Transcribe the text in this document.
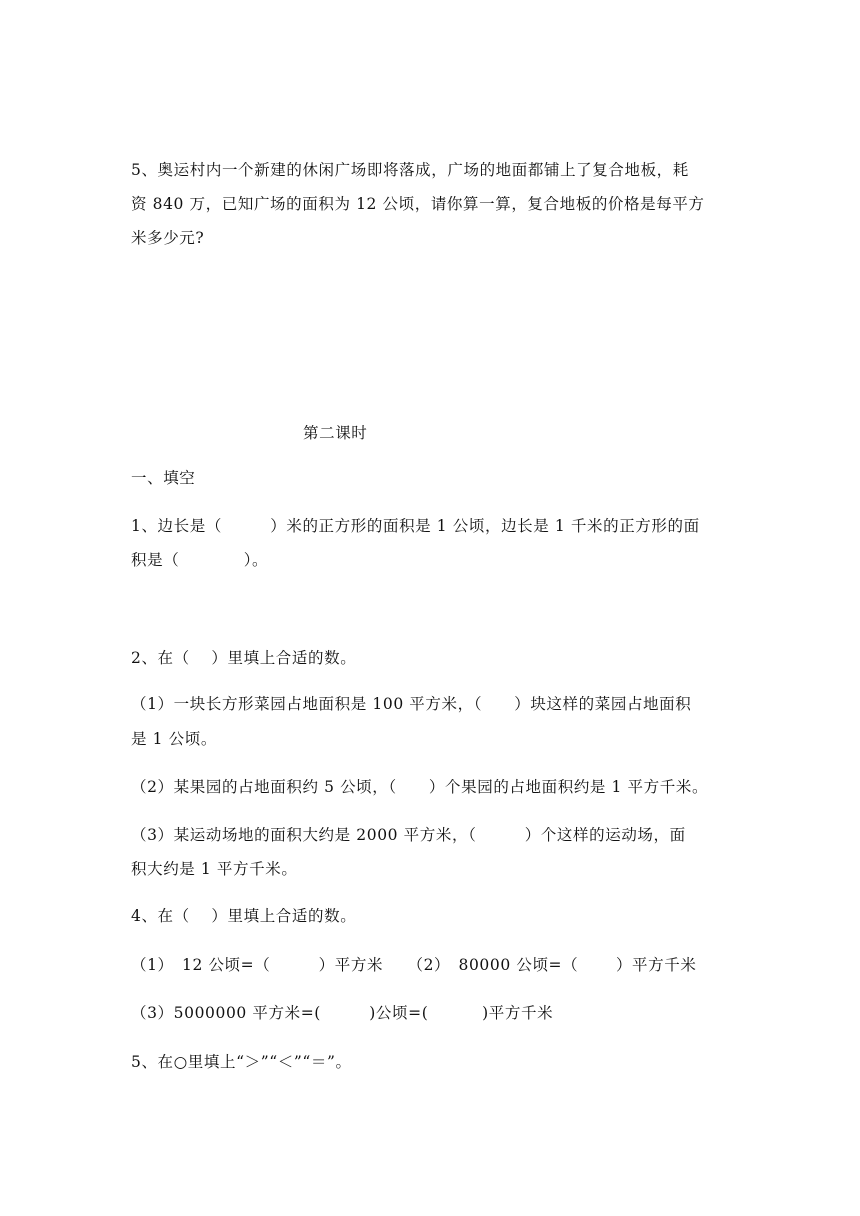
5、奥运村内一个新建的休闲广场即将落成，广场的地面都铺上了复合地板，耗
资 840 万，已知广场的面积为 12 公顷，请你算一算，复合地板的价格是每平方
米多少元?
第二课时
一、填空
1、边长是（　　　）米的正方形的面积是 1 公顷，边长是 1 千米的正方形的面
积是（　　　　）。
2、在（　 ）里填上合适的数。
（1）一块长方形菜园占地面积是 100 平方米，（　　）块这样的菜园占地面积
是 1 公顷。
（2）某果园的占地面积约 5 公顷，（　　）个果园的占地面积约是 1 平方千米。
（3）某运动场地的面积大约是 2000 平方米，（　　　）个这样的运动场，面
积大约是 1 平方千米。
4、在（　 ）里填上合适的数。
（1）　12 公顷=（　　　）平方米　　（2）　80000 公顷=（　　 ）平方千米
（3）5000000 平方米=(　　　)公顷=(　　　 )平方千米
5、在○里填上“＞”“＜”“＝”。
